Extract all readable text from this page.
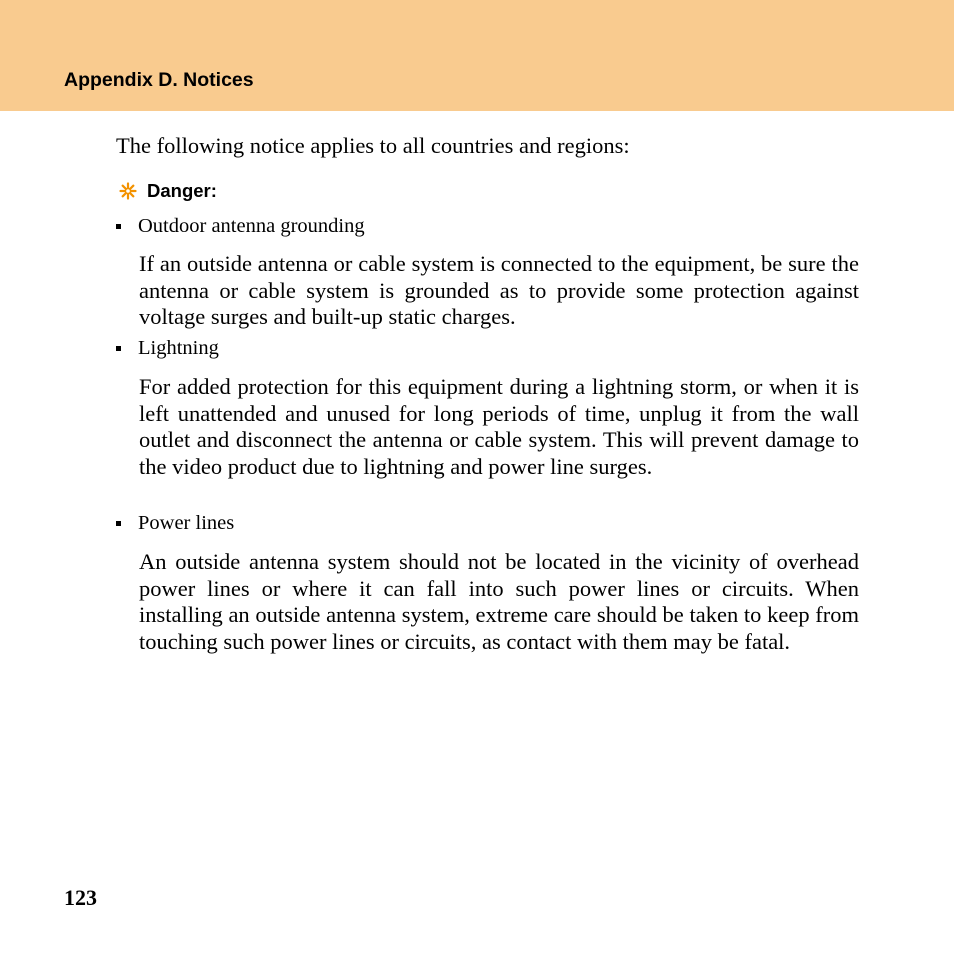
Appendix D. Notices
The following notice applies to all countries and regions:
Danger:
Outdoor antenna grounding
If an outside antenna or cable system is connected to the equipment, be sure the antenna or cable system is grounded as to provide some protection against voltage surges and built-up static charges.
Lightning
For added protection for this equipment during a lightning storm, or when it is left unattended and unused for long periods of time, unplug it from the wall outlet and disconnect the antenna or cable system. This will prevent damage to the video product due to lightning and power line surges.
Power lines
An outside antenna system should not be located in the vicinity of overhead power lines or where it can fall into such power lines or circuits. When installing an outside antenna system, extreme care should be taken to keep from touching such power lines or circuits, as contact with them may be fatal.
123
